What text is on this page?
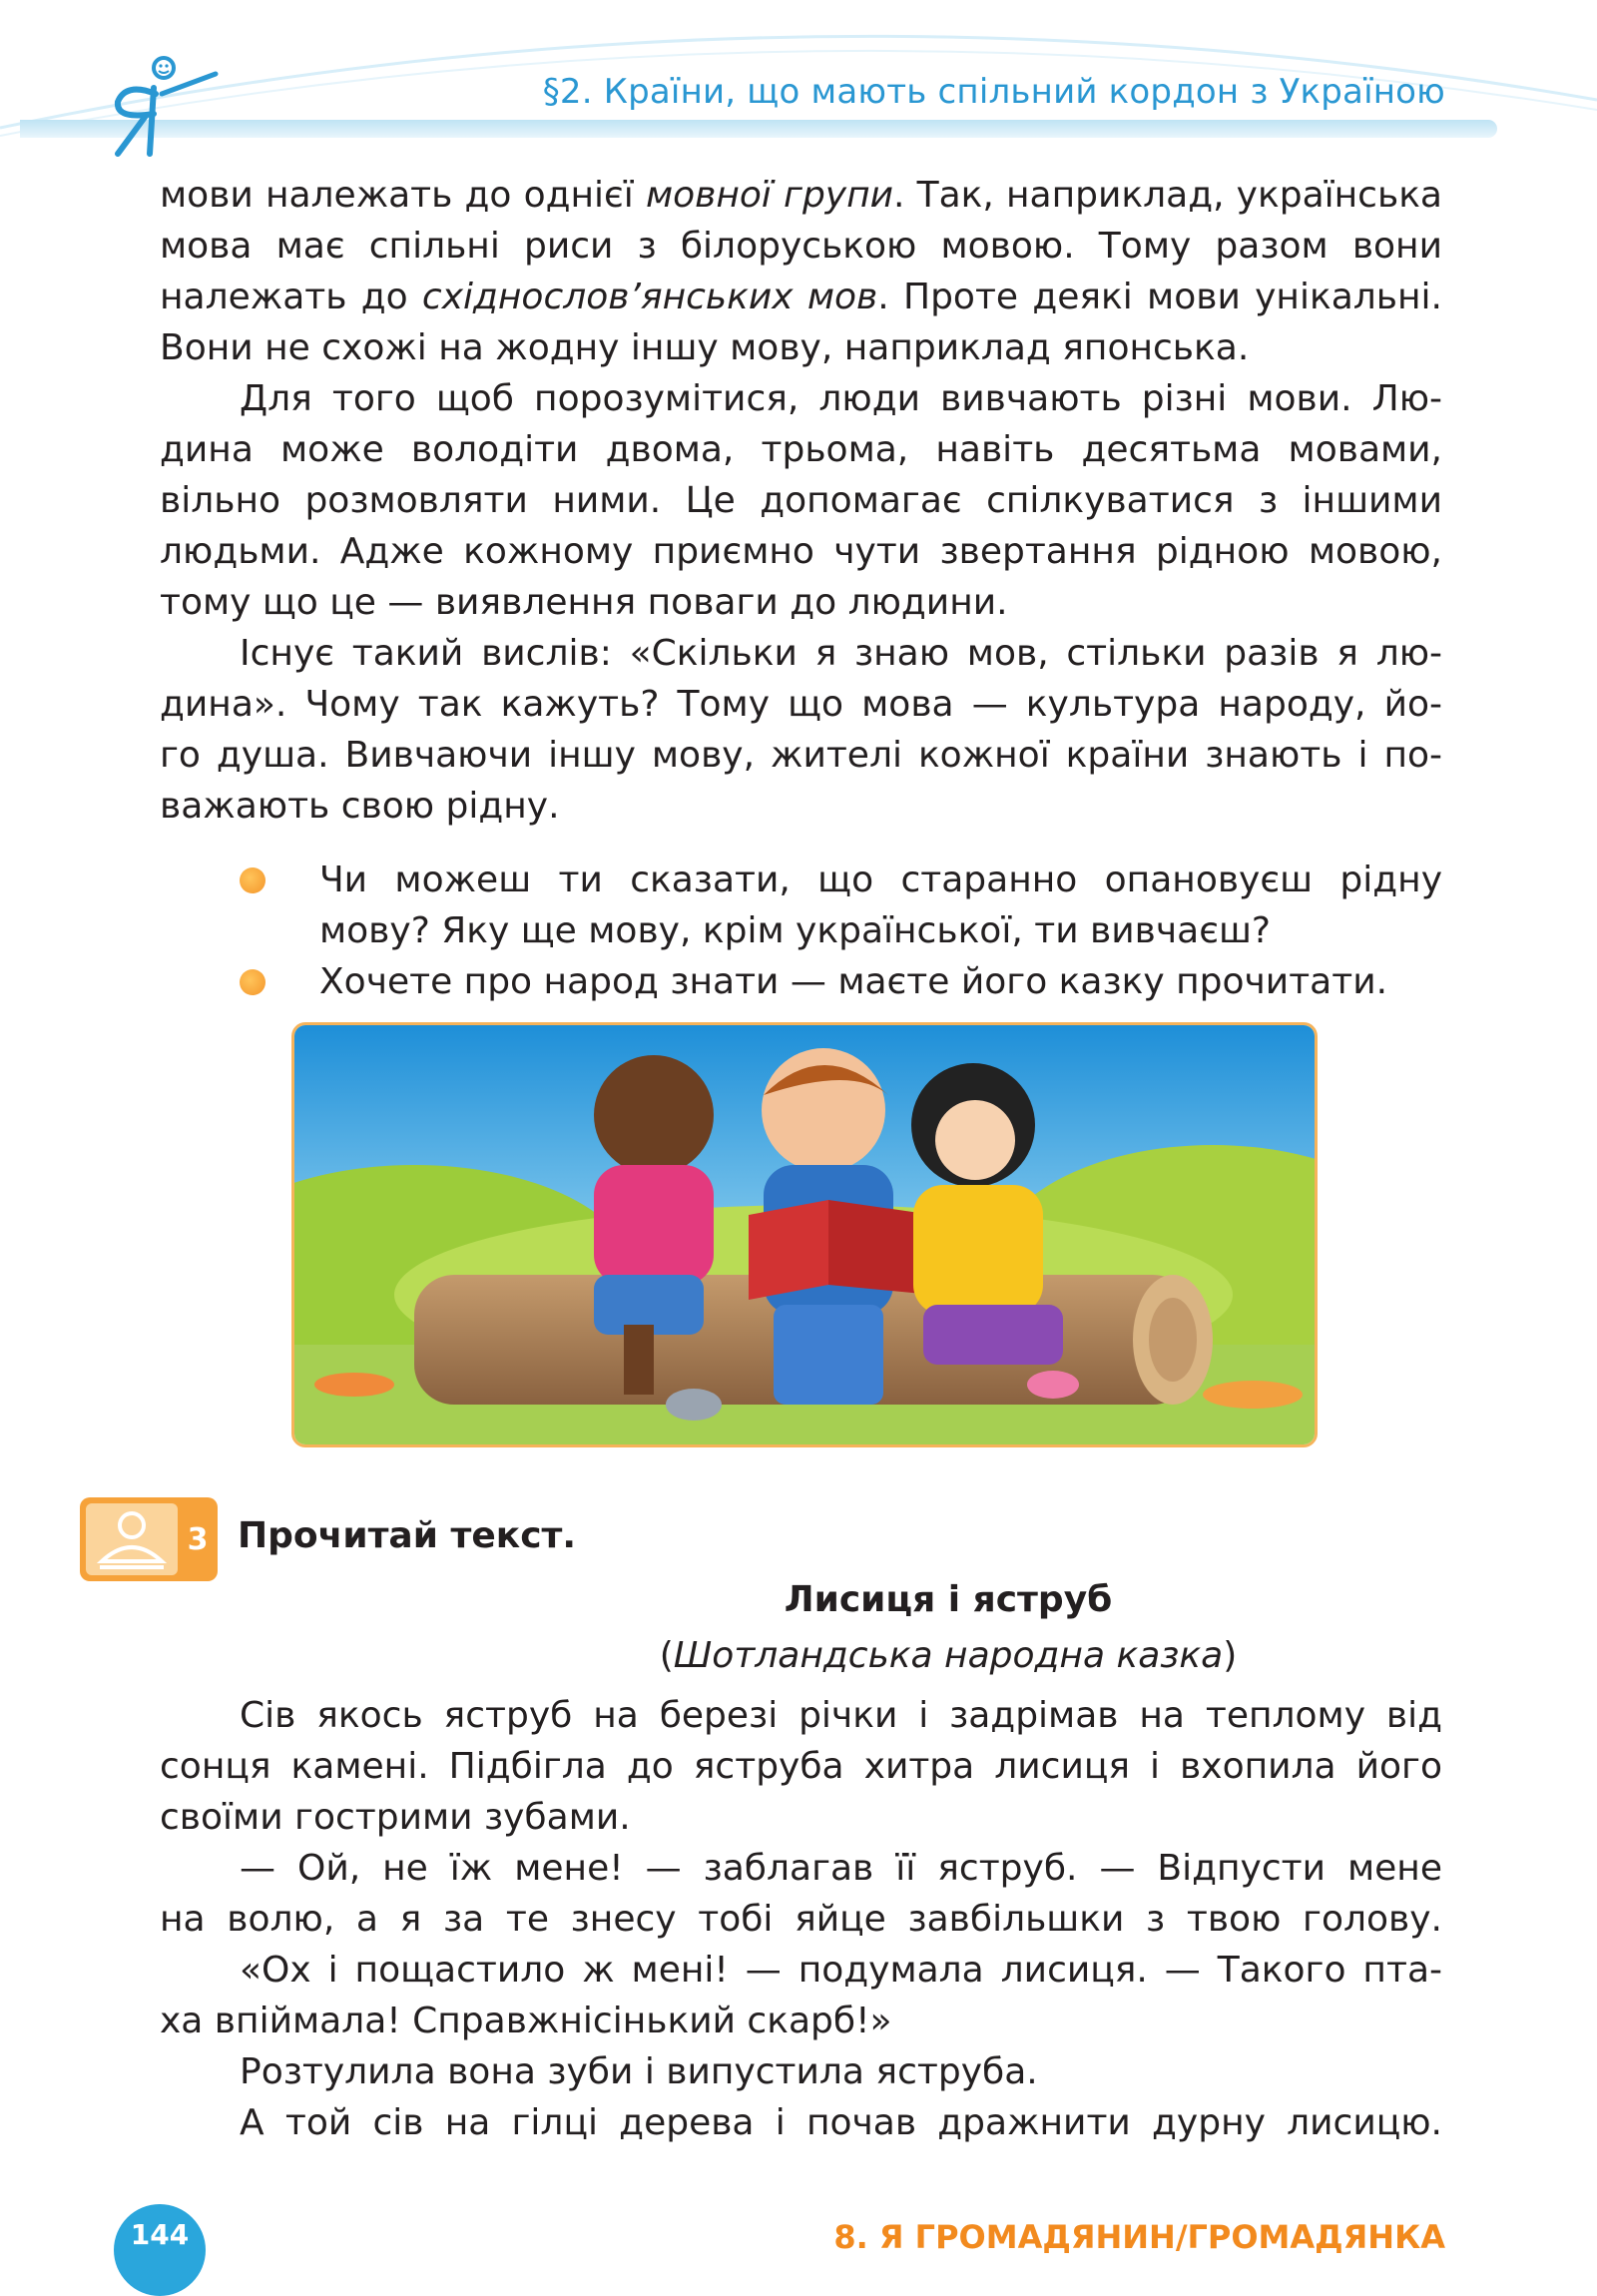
§2. Країни, що мають спільний кордон з Україною

мови належать до однієї мовної групи. Так, наприклад, українська
мова має спільні риси з білоруською мовою. Тому разом вони
належать до східнослов’янських мов. Проте деякі мови унікальні.
Вони не схожі на жодну іншу мову, наприклад японська.

Для того щоб порозумітися, люди вивчають різні мови. Лю-
дина може володіти двома, трьома, навіть десятьма мовами,
вільно розмовляти ними. Це допомагає спілкуватися з іншими
людьми. Адже кожному приємно чути звертання рідною мовою,
тому що це — виявлення поваги до людини.

Існує такий вислів: «Скільки я знаю мов, стільки разів я лю-
дина». Чому так кажуть? Тому що мова — культура народу, йо-
го душа. Вивчаючи іншу мову, жителі кожної країни знають і по-
важають свою рідну.

Чи можеш ти сказати, що старанно опановуєш рідну
мову? Яку ще мову, крім української, ти вивчаєш?
Хочете про народ знати — маєте його казку прочитати.
3 Прочитай текст.
Лисиця і яструб
(Шотландська народна казка)

Сів якось яструб на березі річки і задрімав на теплому від
сонця камені. Підбігла до яструба хитра лисиця і вхопила його
своїми гострими зубами.
— Ой, не їж мене! — заблагав її яструб. — Відпусти мене
на волю, а я за те знесу тобі яйце завбільшки з твою голову.
«Ох і пощастило ж мені! — подумала лисиця. — Такого пта-
ха впіймала! Справжнісінький скарб!»
Розтулила вона зуби і випустила яструба.
А той сів на гілці дерева і почав дражнити дурну лисицю.

144	8. Я ГРОМАДЯНИН/ГРОМАДЯНКА
